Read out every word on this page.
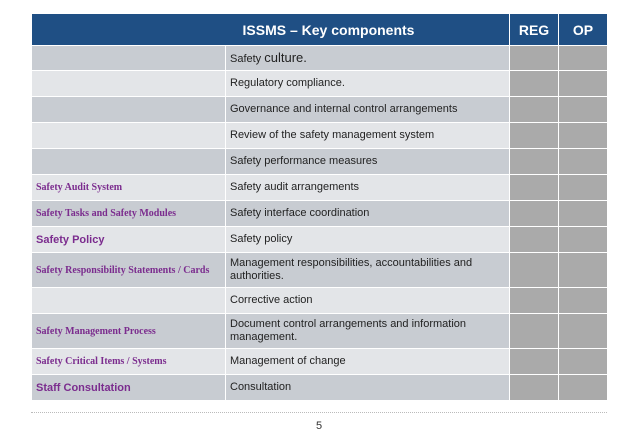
ISSMS – Key components		REG	OP
	Safety culture.		
	Regulatory compliance.		
	Governance and internal control arrangements		
	Review of the safety management system		
	Safety performance measures		
Safety Audit System	Safety audit arrangements		
Safety Tasks and Safety Modules	Safety interface coordination		
Safety Policy	Safety policy		
Safety Responsibility Statements / Cards	Management responsibilities, accountabilities and authorities.		
	Corrective action		
Safety Management Process	Document control arrangements and information management.		
Safety Critical Items / Systems	Management of change		
Staff Consultation	Consultation		
5
